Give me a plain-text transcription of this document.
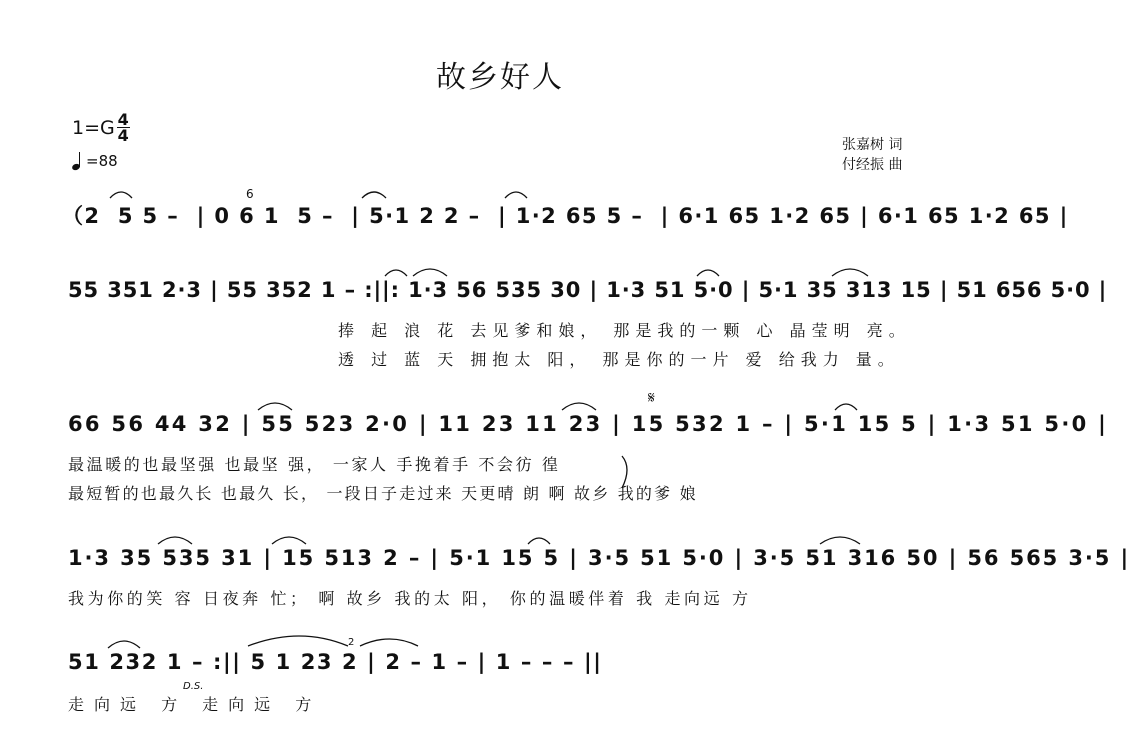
故乡好人
$1=G \frac{4}{4}$
=88
张嘉树 词
付经振 曲
（2  5 5 –  | 0 6 1  5 –  | 5·1 2 2 –  | 1·2 65 5 –  | 6·1 65 1·2 65 | 6·1 65 1·2 65 |
55 351 2·3 | 55 352 1 – :||: 1·3 56 535 30 | 1·3 51 5·0 | 5·1 35 313 15 | 51 656 5·0 |
捧 起 浪 花 去见爹和娘， 那是我的一颗 心 晶莹明 亮。
透 过 蓝 天 拥抱太 阳， 那是你的一片 爱 给我力 量。
66 56 44 32 | 55 523 2·0 | 11 23 11 23 | 15 532 1 – | 5·1 15 5 | 1·3 51 5·0 |
最温暖的也最坚强 也最坚 强， 一家人 手挽着手 不会彷 徨
最短暂的也最久长 也最久 长， 一段日子走过来 天更晴 朗 啊 故乡 我的爹 娘
1·3 35 535 31 | 15 513 2 – | 5·1 15 5 | 3·5 51 5·0 | 3·5 51 316 50 | 56 565 3·5 |
我为你的笑 容 日夜奔 忙； 啊 故乡 我的太 阳， 你的温暖伴着 我 走向远 方
51 232 1 – :|| 5 1 23 2 | 2 – 1 – | 1 – – – ||
走向远 方 走向远 方
6
𝄋
D.S.
2
